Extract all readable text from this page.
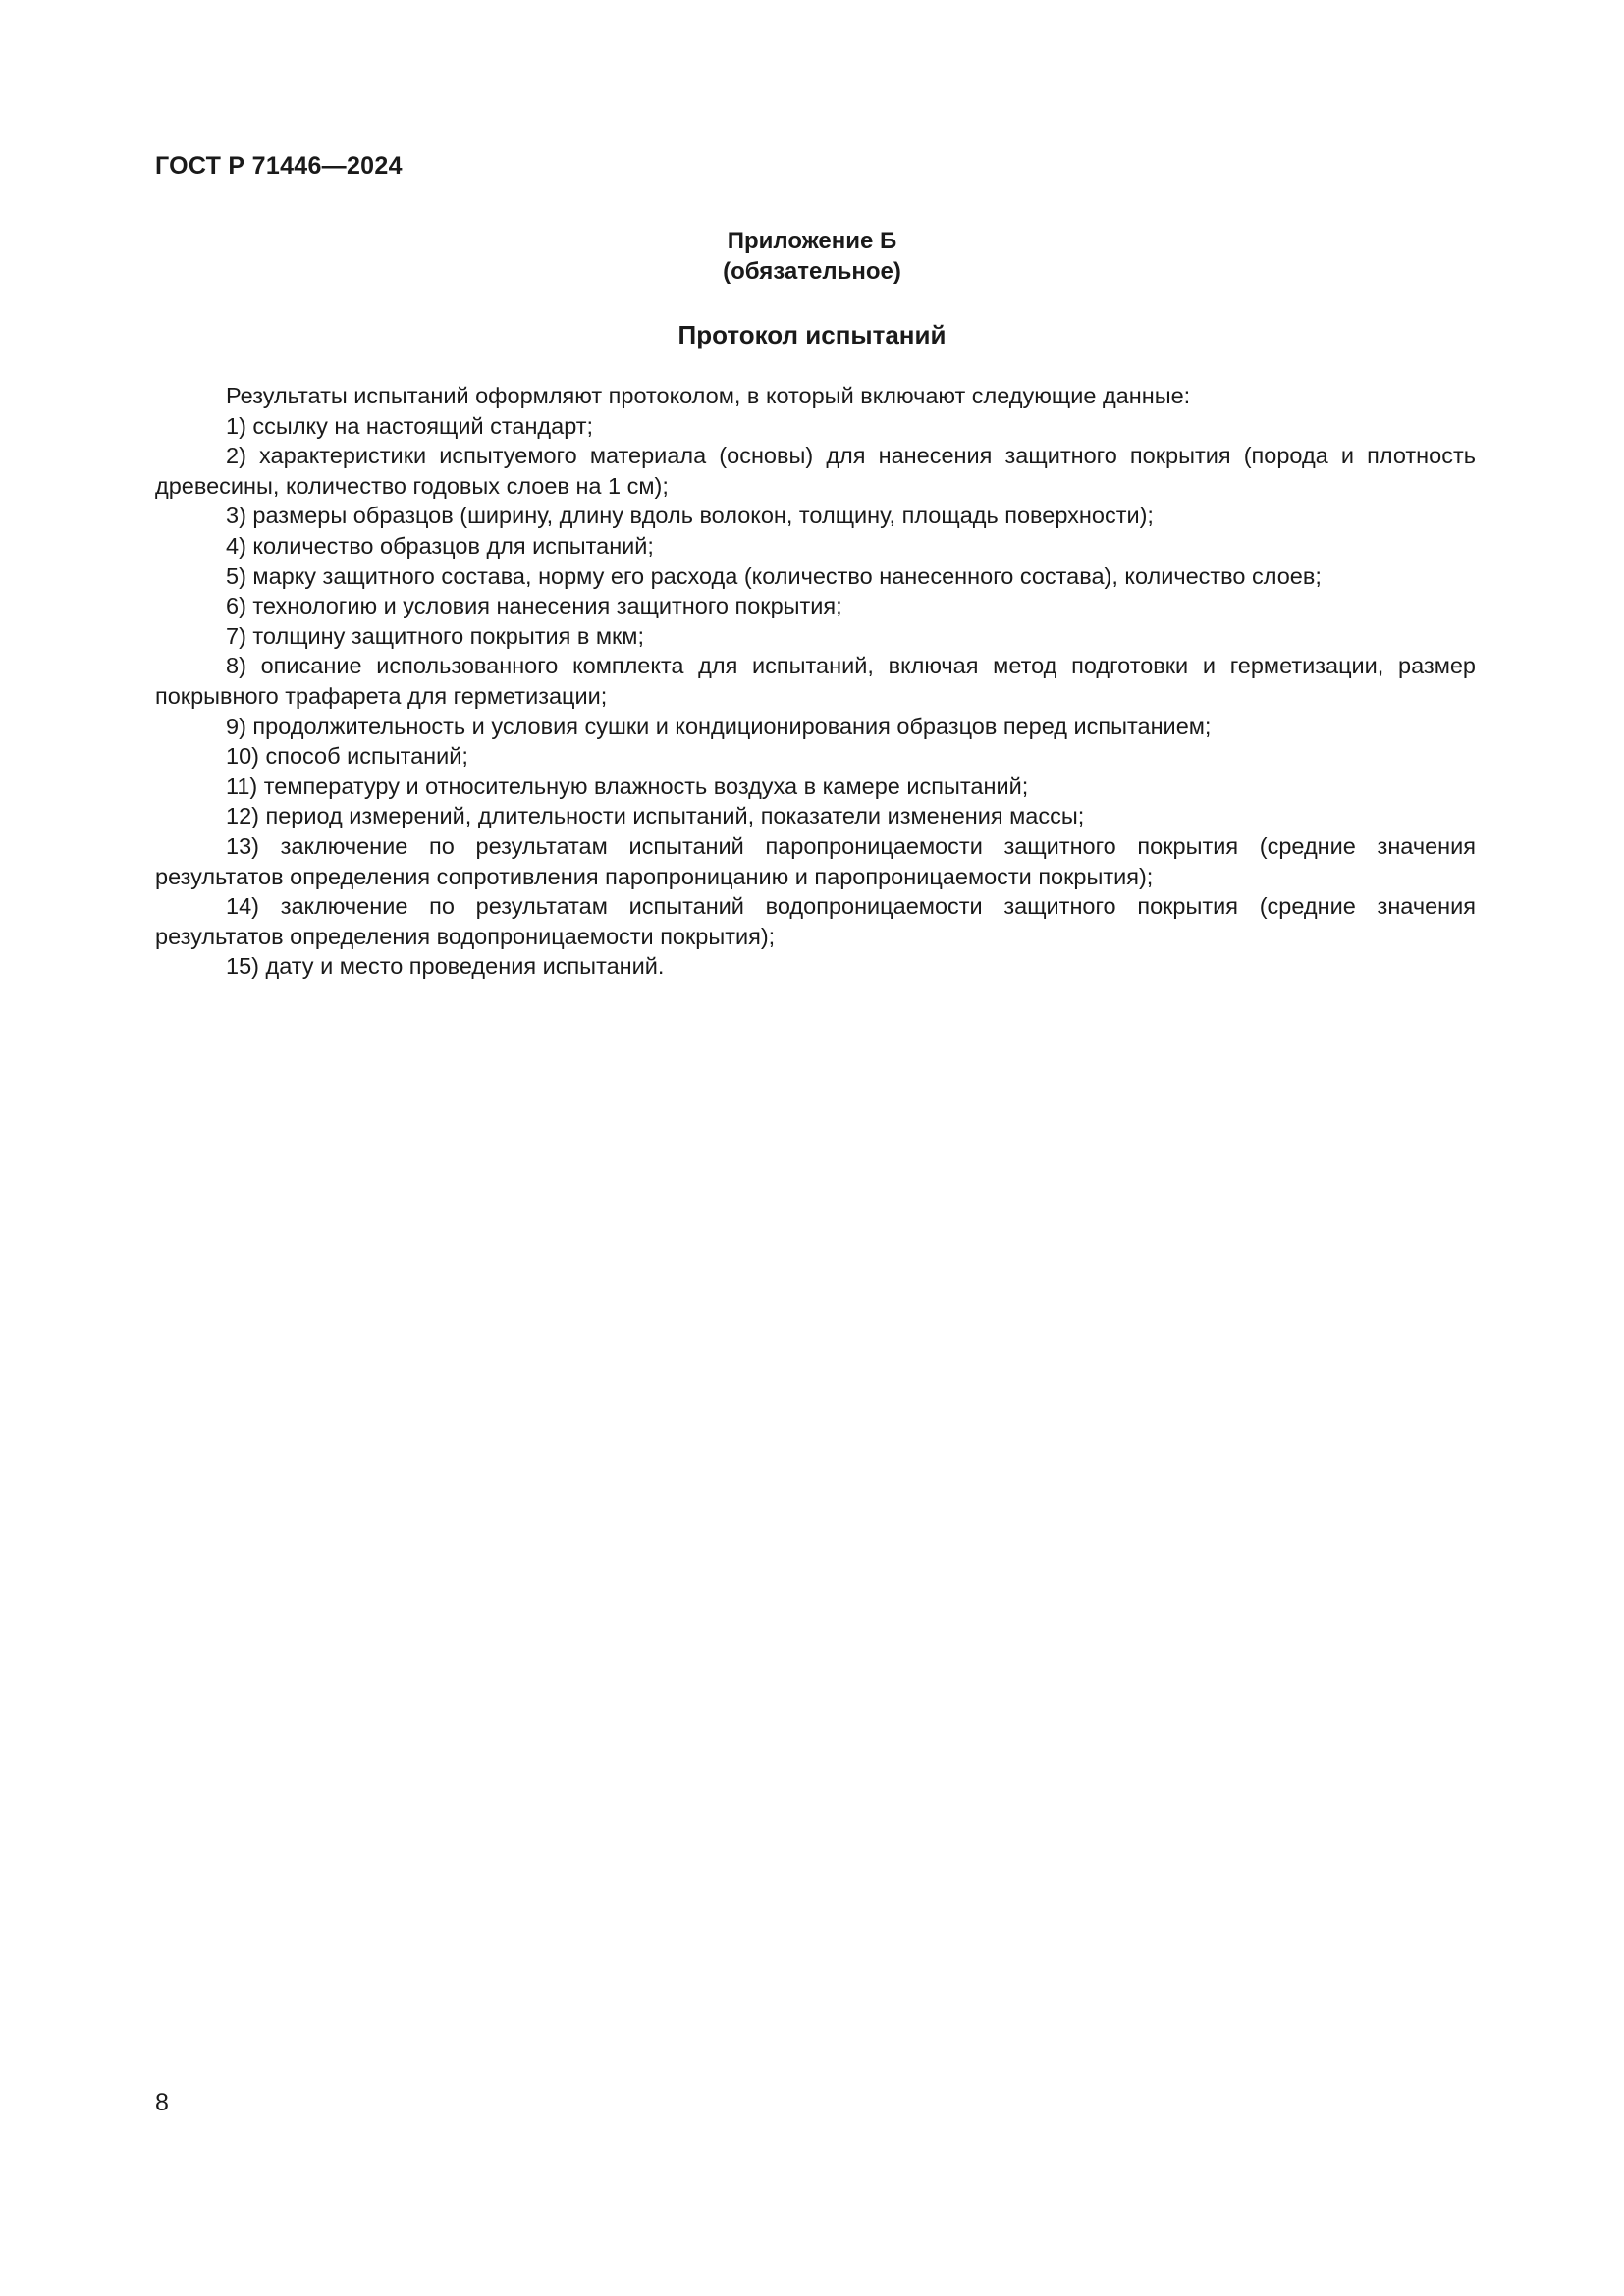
ГОСТ Р 71446—2024
Приложение Б
(обязательное)
Протокол испытаний

Результаты испытаний оформляют протоколом, в который включают следующие данные:

1) ссылку на настоящий стандарт;

2) характеристики испытуемого материала (основы) для нанесения защитного покрытия (порода и плотность древесины, количество годовых слоев на 1 см);

3) размеры образцов (ширину, длину вдоль волокон, толщину, площадь поверхности);

4) количество образцов для испытаний;

5) марку защитного состава, норму его расхода (количество нанесенного состава), количество слоев;

6) технологию и условия нанесения защитного покрытия;

7) толщину защитного покрытия в мкм;

8) описание использованного комплекта для испытаний, включая метод подготовки и герметизации, размер покрывного трафарета для герметизации;

9) продолжительность и условия сушки и кондиционирования образцов перед испытанием;

10) способ испытаний;

11) температуру и относительную влажность воздуха в камере испытаний;

12) период измерений, длительности испытаний, показатели изменения массы;

13) заключение по результатам испытаний паропроницаемости защитного покрытия (средние значения результатов определения сопротивления паропроницанию и паропроницаемости покрытия);

14) заключение по результатам испытаний водопроницаемости защитного покрытия (средние значения результатов определения водопроницаемости покрытия);

15) дату и место проведения испытаний.

8
